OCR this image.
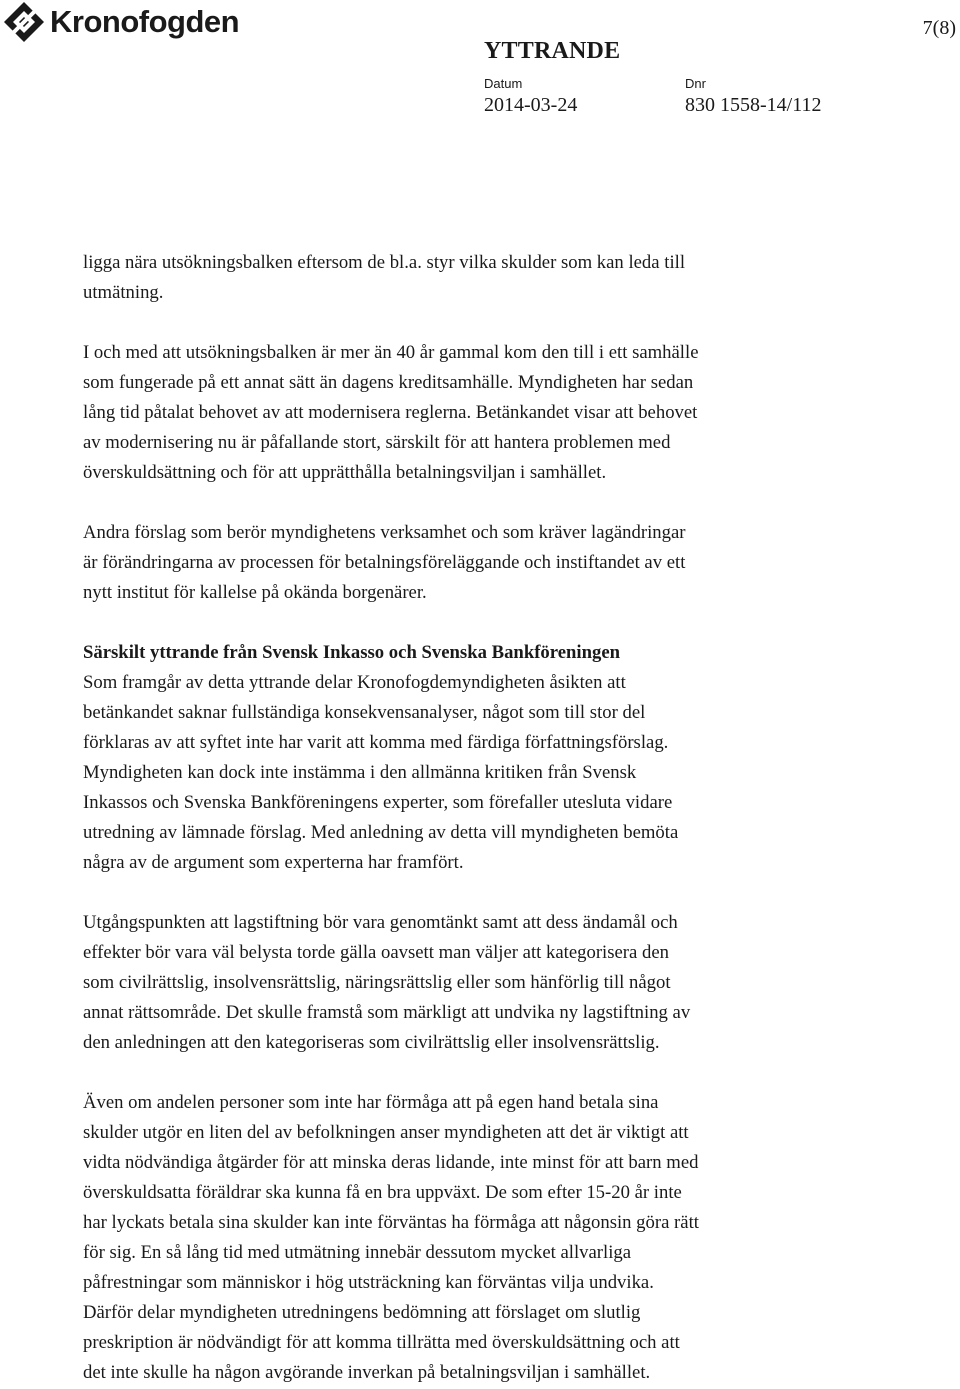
Kronofogden	7(8)
YTTRANDE
Datum
2014-03-24
Dnr
830 1558-14/112

ligga nära utsökningsbalken eftersom de bl.a. styr vilka skulder som kan leda till
utmätning.

I och med att utsökningsbalken är mer än 40 år gammal kom den till i ett samhälle
som fungerade på ett annat sätt än dagens kreditsamhälle. Myndigheten har sedan
lång tid påtalat behovet av att modernisera reglerna. Betänkandet visar att behovet
av modernisering nu är påfallande stort, särskilt för att hantera problemen med
överskuldsättning och för att upprätthålla betalningsviljan i samhället.

Andra förslag som berör myndighetens verksamhet och som kräver lagändringar
är förändringarna av processen för betalningsföreläggande och instiftandet av ett
nytt institut för kallelse på okända borgenärer.

Särskilt yttrande från Svensk Inkasso och Svenska Bankföreningen

Som framgår av detta yttrande delar Kronofogdemyndigheten åsikten att
betänkandet saknar fullständiga konsekvensanalyser, något som till stor del
förklaras av att syftet inte har varit att komma med färdiga författningsförslag.
Myndigheten kan dock inte instämma i den allmänna kritiken från Svensk
Inkassos och Svenska Bankföreningens experter, som förefaller utesluta vidare
utredning av lämnade förslag. Med anledning av detta vill myndigheten bemöta
några av de argument som experterna har framfört.

Utgångspunkten att lagstiftning bör vara genomtänkt samt att dess ändamål och
effekter bör vara väl belysta torde gälla oavsett man väljer att kategorisera den
som civilrättslig, insolvensrättslig, näringsrättslig eller som hänförlig till något
annat rättsområde. Det skulle framstå som märkligt att undvika ny lagstiftning av
den anledningen att den kategoriseras som civilrättslig eller insolvensrättslig.

Även om andelen personer som inte har förmåga att på egen hand betala sina
skulder utgör en liten del av befolkningen anser myndigheten att det är viktigt att
vidta nödvändiga åtgärder för att minska deras lidande, inte minst för att barn med
överskuldsatta föräldrar ska kunna få en bra uppväxt. De som efter 15-20 år inte
har lyckats betala sina skulder kan inte förväntas ha förmåga att någonsin göra rätt
för sig. En så lång tid med utmätning innebär dessutom mycket allvarliga
påfrestningar som människor i hög utsträckning kan förväntas vilja undvika.
Därför delar myndigheten utredningens bedömning att förslaget om slutlig
preskription är nödvändigt för att komma tillrätta med överskuldsättning och att
det inte skulle ha någon avgörande inverkan på betalningsviljan i samhället.
